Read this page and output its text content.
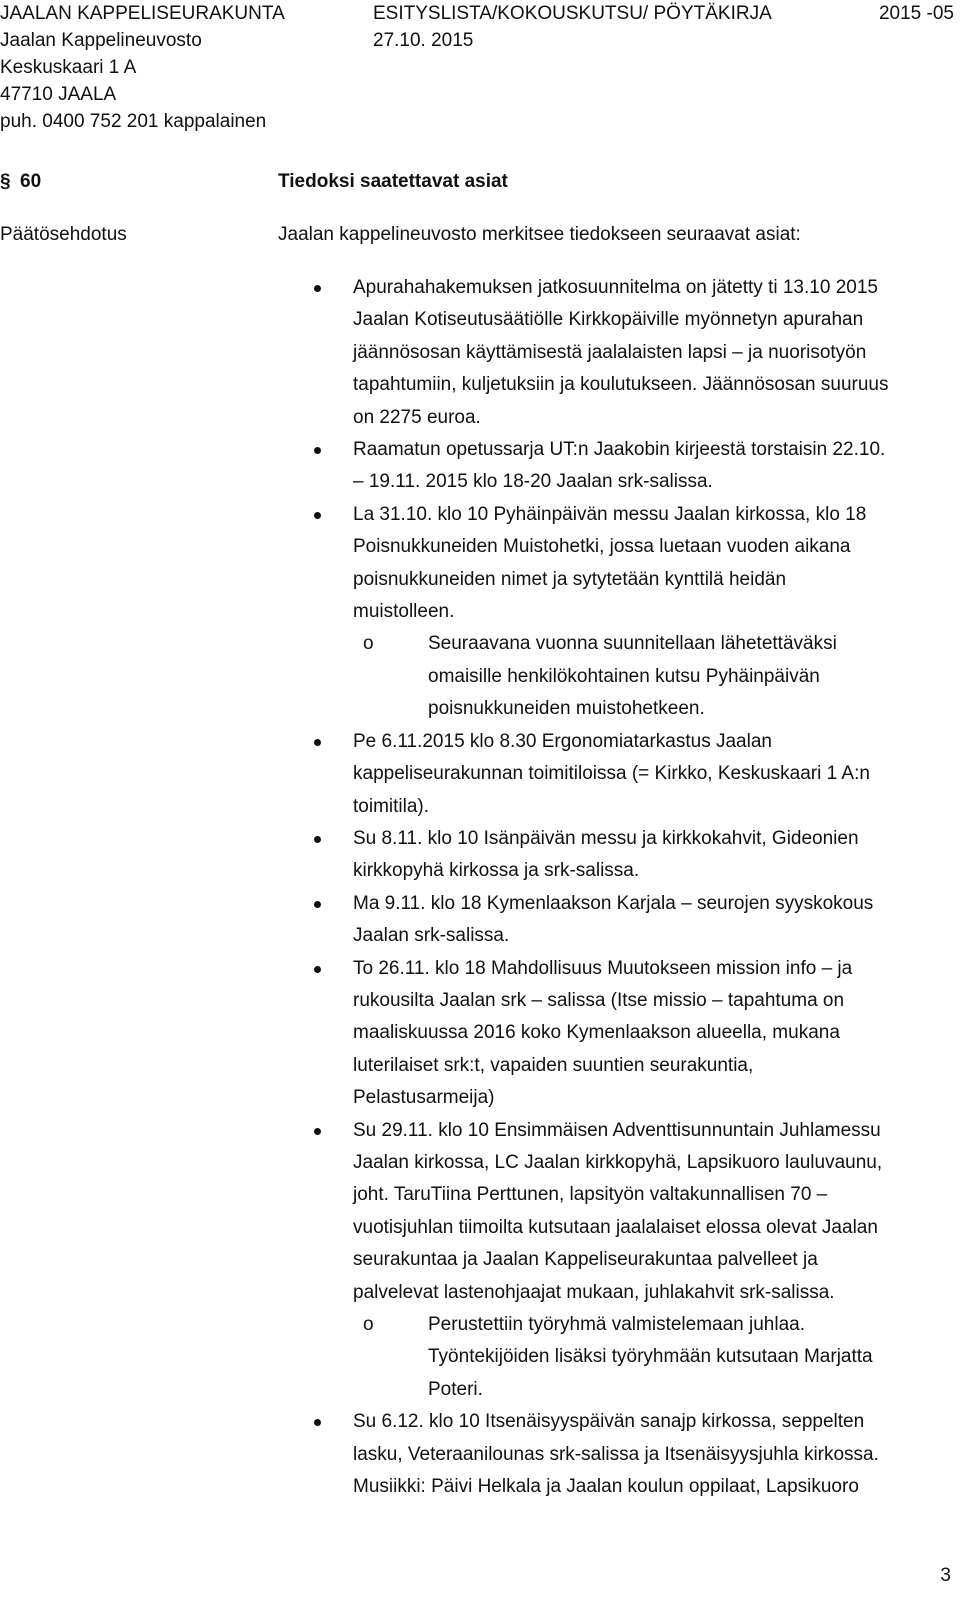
JAALAN KAPPELISEURAKUNTA
Jaalan Kappelineuvosto
Keskuskaari 1 A
47710 JAALA
puh. 0400 752 201 kappalainen
ESITYSLISTA/KOKOUSKUTSU/ PÖYTÄKIRJA
27.10. 2015
2015 -05
§ 60	Tiedoksi saatettavat asiat
Päätösehdotus	Jaalan kappelineuvosto merkitsee tiedokseen seuraavat asiat:
Apurahahakemuksen jatkosuunnitelma on jätetty ti 13.10 2015
Jaalan Kotiseutusäätiölle Kirkkopäiville myönnetyn apurahan
jäännösosan käyttämisestä jaalalaisten lapsi – ja nuorisotyön
tapahtumiin, kuljetuksiin ja koulutukseen. Jäännösosan suuruus
on 2275 euroa.
Raamatun opetussarja UT:n Jaakobin kirjeestä torstaisin 22.10.
– 19.11. 2015 klo 18-20 Jaalan srk-salissa.
La 31.10. klo 10 Pyhäinpäivän messu Jaalan kirkossa, klo 18
Poisnukkuneiden Muistohetki, jossa luetaan vuoden aikana
poisnukkuneiden nimet ja sytytetään kynttilä heidän
muistolleen.
o	Seuraavana vuonna suunnitellaan lähetettäväksi
omaisille henkilökohtainen kutsu Pyhäinpäivän
poisnukkuneiden muistohetkeen.
Pe 6.11.2015 klo 8.30 Ergonomiatarkastus Jaalan
kappeliseurakunnan toimitiloissa (= Kirkko, Keskuskaari 1 A:n
toimitila).
Su 8.11. klo 10 Isänpäivän messu ja kirkkokahvit, Gideonien
kirkkopyhä kirkossa ja srk-salissa.
Ma 9.11. klo 18 Kymenlaakson Karjala – seurojen syyskokous
Jaalan srk-salissa.
To 26.11. klo 18 Mahdollisuus Muutokseen mission info – ja
rukousilta Jaalan srk – salissa (Itse missio – tapahtuma on
maaliskuussa 2016 koko Kymenlaakson alueella, mukana
luterilaiset srk:t, vapaiden suuntien seurakuntia,
Pelastusarmeija)
Su 29.11. klo 10 Ensimmäisen Adventtisunnuntain Juhlamessu
Jaalan kirkossa, LC Jaalan kirkkopyhä, Lapsikuoro lauluvaunu,
joht. TaruTiina Perttunen, lapsityön valtakunnallisen 70 –
vuotisjuhlan tiimoilta kutsutaan jaalalaiset elossa olevat Jaalan
seurakuntaa ja Jaalan Kappeliseurakuntaa palvelleet ja
palvelevat lastenohjaajat mukaan, juhlakahvit srk-salissa.
o	Perustettiin työryhmä valmistelemaan juhlaa.
Työntekijöiden lisäksi työryhmään kutsutaan Marjatta
Poteri.
Su 6.12. klo 10 Itsenäisyyspäivän sanajp kirkossa, seppelten
lasku, Veteraanilounas srk-salissa ja Itsenäisyysjuhla kirkossa.
Musiikki: Päivi Helkala ja Jaalan koulun oppilaat, Lapsikuoro
3
